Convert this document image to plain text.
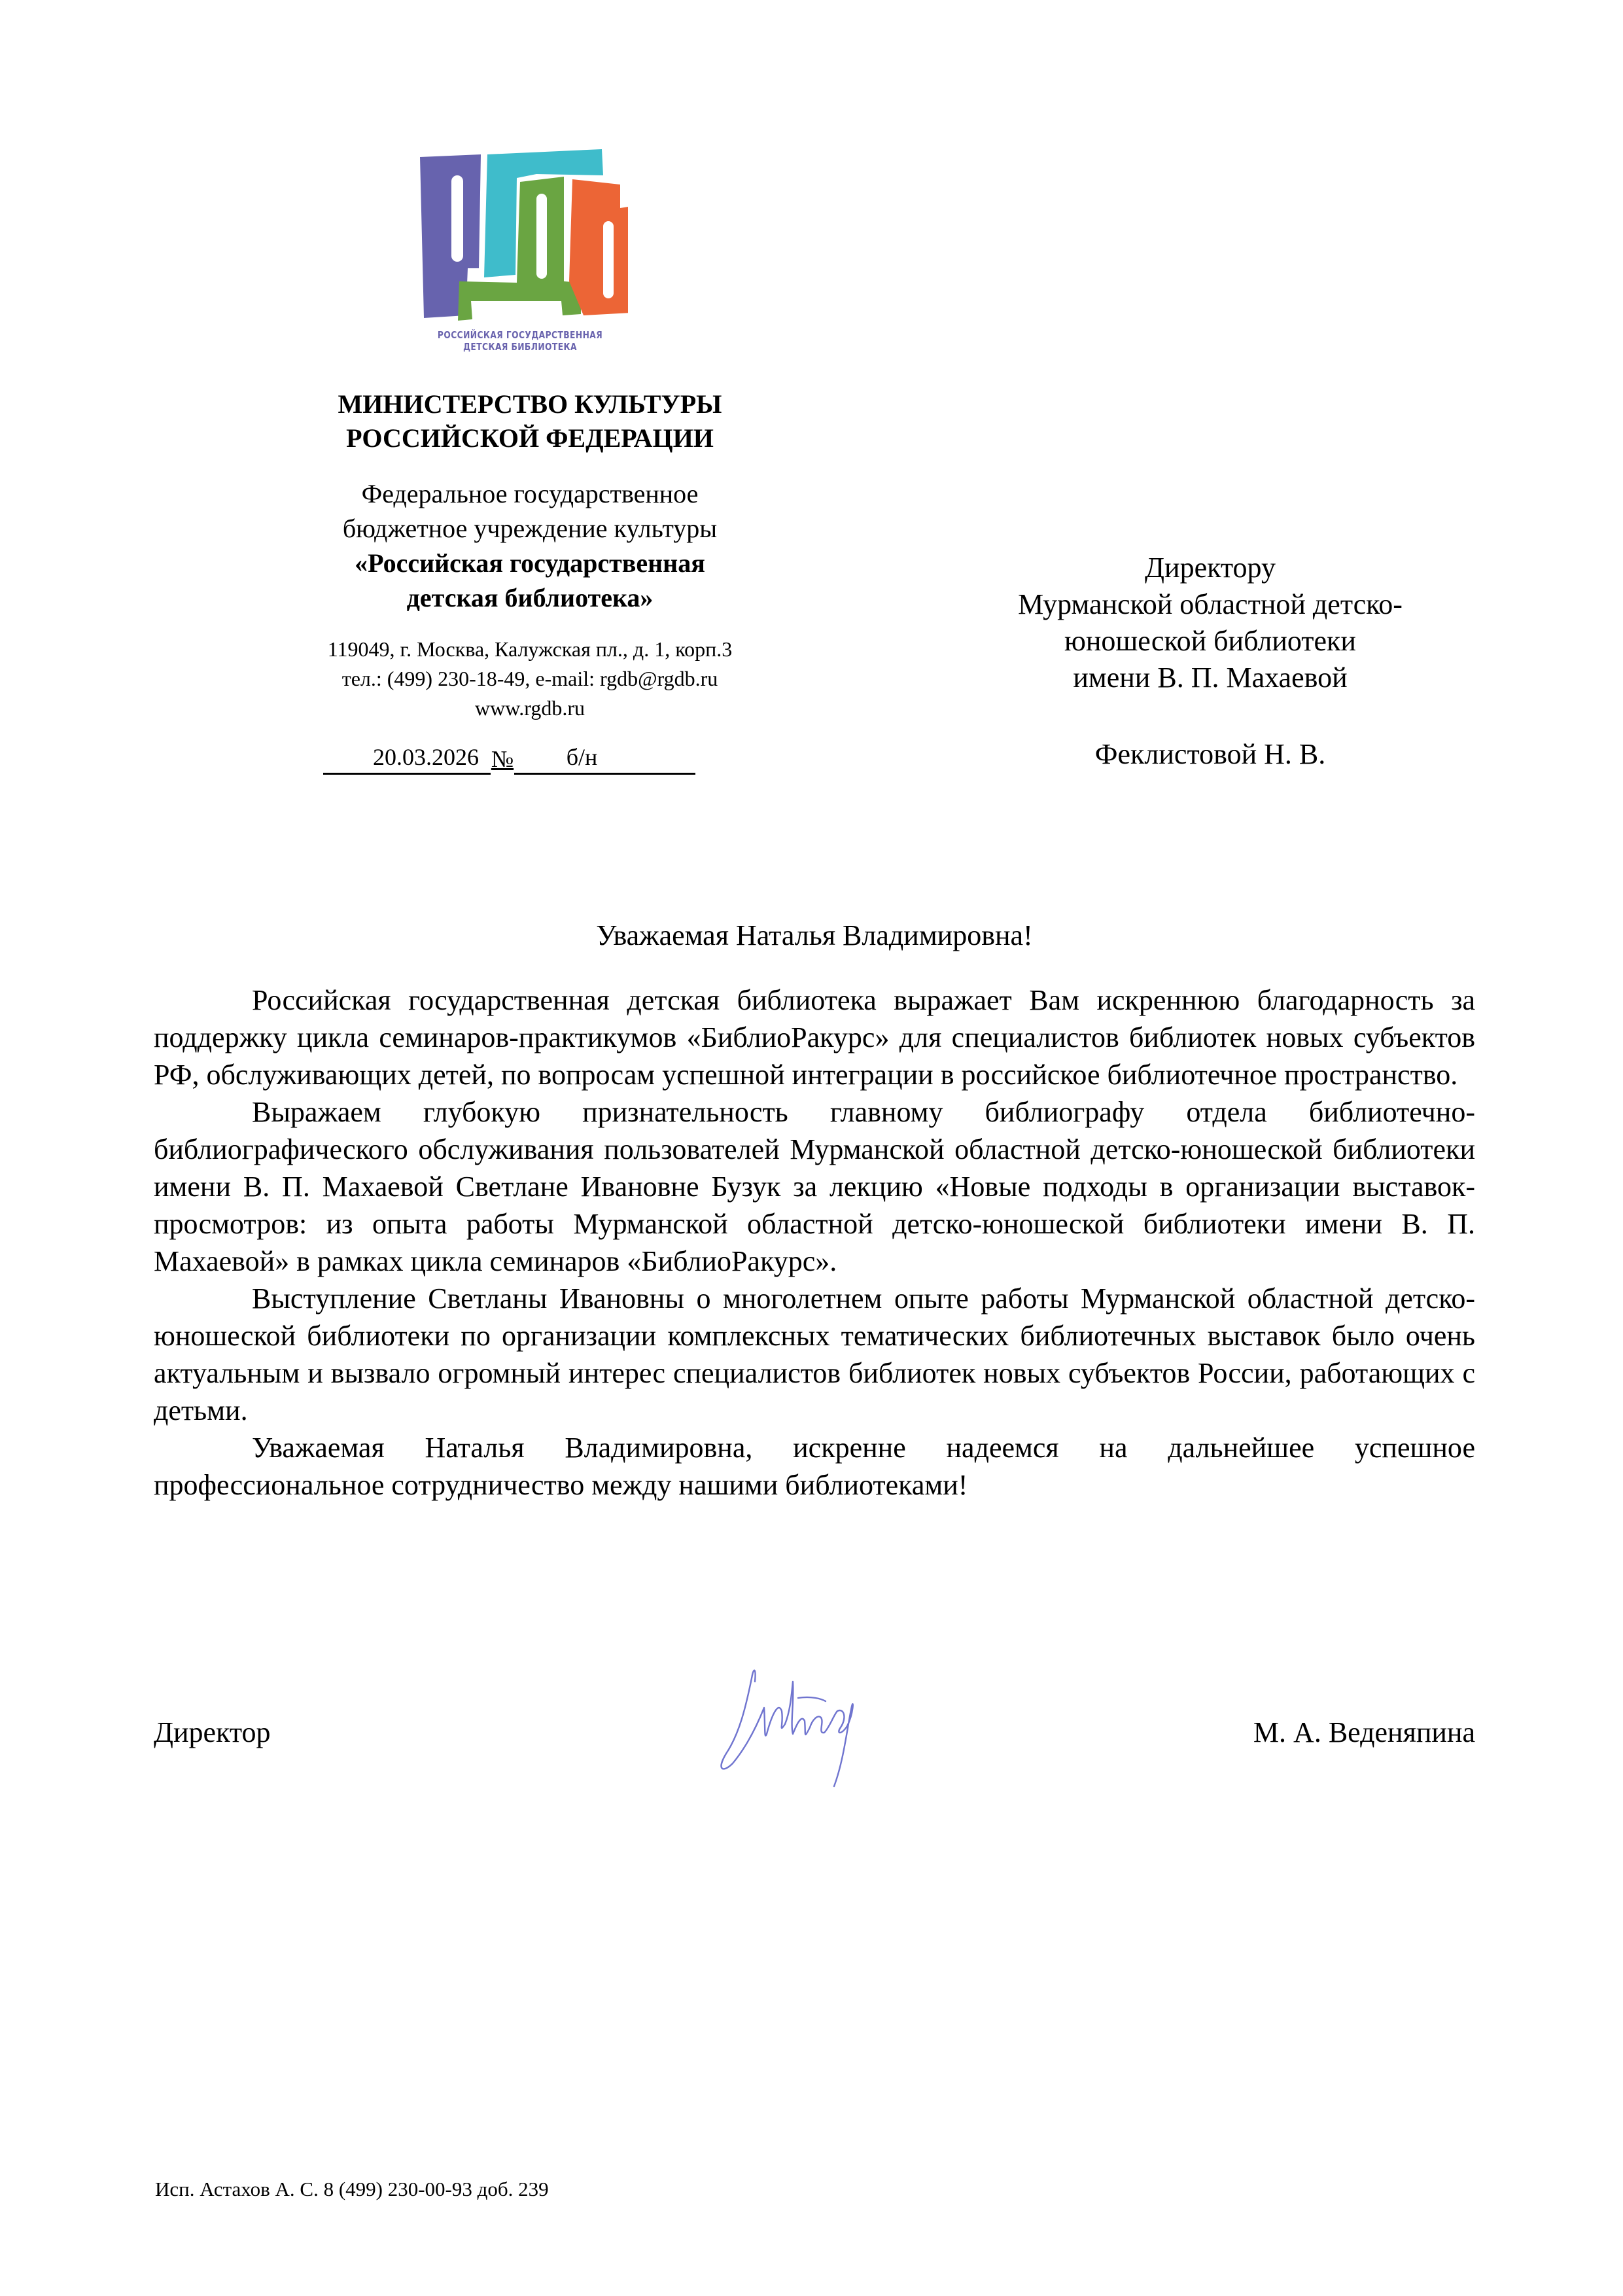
РОССИЙСКАЯ ГОСУДАРСТВЕННАЯ
ДЕТСКАЯ БИБЛИОТЕКА
МИНИСТЕРСТВО КУЛЬТУРЫ
РОССИЙСКОЙ ФЕДЕРАЦИИ
Федеральное государственное
бюджетное учреждение культуры
«Российская государственная
детская библиотека»
119049, г. Москва, Калужская пл., д. 1, корп.3
тел.: (499) 230-18-49, e-mail: rgdb@rgdb.ru
www.rgdb.ru
20.03.2026 № б/н
Директору
Мурманской областной детско-
юношеской библиотеки
имени В. П. Махаевой
Феклистовой Н. В.
Уважаемая Наталья Владимировна!

Российская государственная детская библиотека выражает Вам искреннюю благодарность за поддержку цикла семинаров-практикумов «БиблиоРакурс» для специалистов библиотек новых субъектов РФ, обслуживающих детей, по вопросам успешной интеграции в российское библиотечное пространство.

Выражаем глубокую признательность главному библиографу отдела библиотечно-библиографического обслуживания пользователей Мурманской областной детско-юношеской библиотеки имени В. П. Махаевой Светлане Ивановне Бузук за лекцию «Новые подходы в организации выставок-просмотров: из опыта работы Мурманской областной детско-юношеской библиотеки имени В. П. Махаевой» в рамках цикла семинаров «БиблиоРакурс».

Выступление Светланы Ивановны о многолетнем опыте работы Мурманской областной детско-юношеской библиотеки по организации комплексных тематических библиотечных выставок было очень актуальным и вызвало огромный интерес специалистов библиотек новых субъектов России, работающих с детьми.

Уважаемая Наталья Владимировна, искренне надеемся на дальнейшее успешное профессиональное сотрудничество между нашими библиотеками!

Директор	М. А. Веденяпина
Исп. Астахов А. С. 8 (499) 230-00-93 доб. 239
